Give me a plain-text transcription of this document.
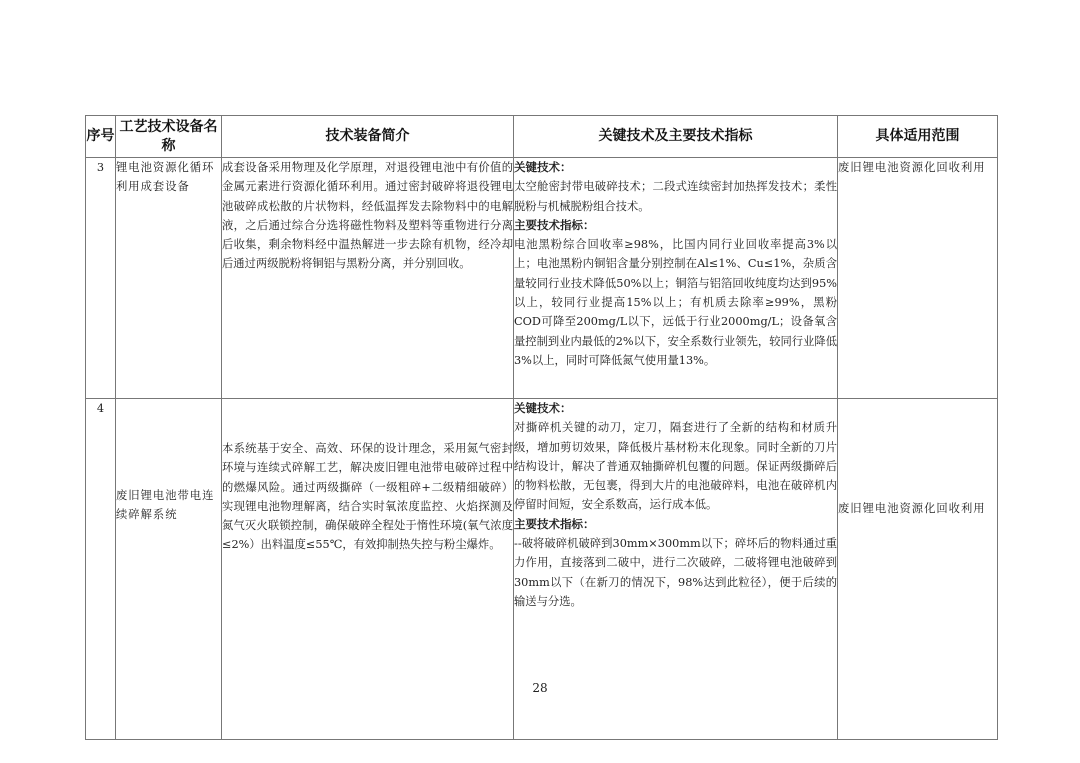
序号	工艺技术设备名称	技术装备简介	关键技术及主要技术指标	具体适用范围
3	锂电池资源化循环利用成套设备	成套设备采用物理及化学原理，对退役锂电池中有价值的金属元素进行资源化循环利用。通过密封破碎将退役锂电池破碎成松散的片状物料，经低温挥发去除物料中的电解液，之后通过综合分选将磁性物料及塑料等重物进行分离后收集，剩余物料经中温热解进一步去除有机物，经冷却后通过两级脱粉将铜铝与黑粉分离，并分别回收。	关键技术：
太空舱密封带电破碎技术；二段式连续密封加热挥发技术；柔性脱粉与机械脱粉组合技术。
主要技术指标：
电池黑粉综合回收率≥98%，比国内同行业回收率提高3%以上；电池黑粉内铜铝含量分别控制在Al≤1%、Cu≤1%，杂质含量较同行业技术降低50%以上；铜箔与铝箔回收纯度均达到95%以上，较同行业提高15%以上；有机质去除率≥99%，黑粉COD可降至200mg/L以下，远低于行业2000mg/L；设备氧含量控制到业内最低的2%以下，安全系数行业领先，较同行业降低3%以上，同时可降低氮气使用量13%。	废旧锂电池资源化回收利用
4	废旧锂电池带电连续碎解系统	本系统基于安全、高效、环保的设计理念，采用氮气密封环境与连续式碎解工艺，解决废旧锂电池带电破碎过程中的燃爆风险。通过两级撕碎（一级粗碎+二级精细破碎）实现锂电池物理解离，结合实时氧浓度监控、火焰探测及氮气灭火联锁控制，确保破碎全程处于惰性环境(氧气浓度≤2%）出料温度≤55℃，有效抑制热失控与粉尘爆炸。	关键技术：
对撕碎机关键的动刀，定刀，隔套进行了全新的结构和材质升级，增加剪切效果，降低极片基材粉末化现象。同时全新的刀片结构设计，解决了普通双轴撕碎机包覆的问题。保证两级撕碎后的物料松散，无包裹，得到大片的电池破碎料，电池在破碎机内停留时间短，安全系数高，运行成本低。
主要技术指标：
--破将破碎机破碎到30mm×300mm以下；碎坏后的物料通过重力作用，直接落到二破中，进行二次破碎，二破将锂电池破碎到30mm以下（在新刀的情况下，98%达到此粒径），便于后续的输送与分选。	废旧锂电池资源化回收利用
28
